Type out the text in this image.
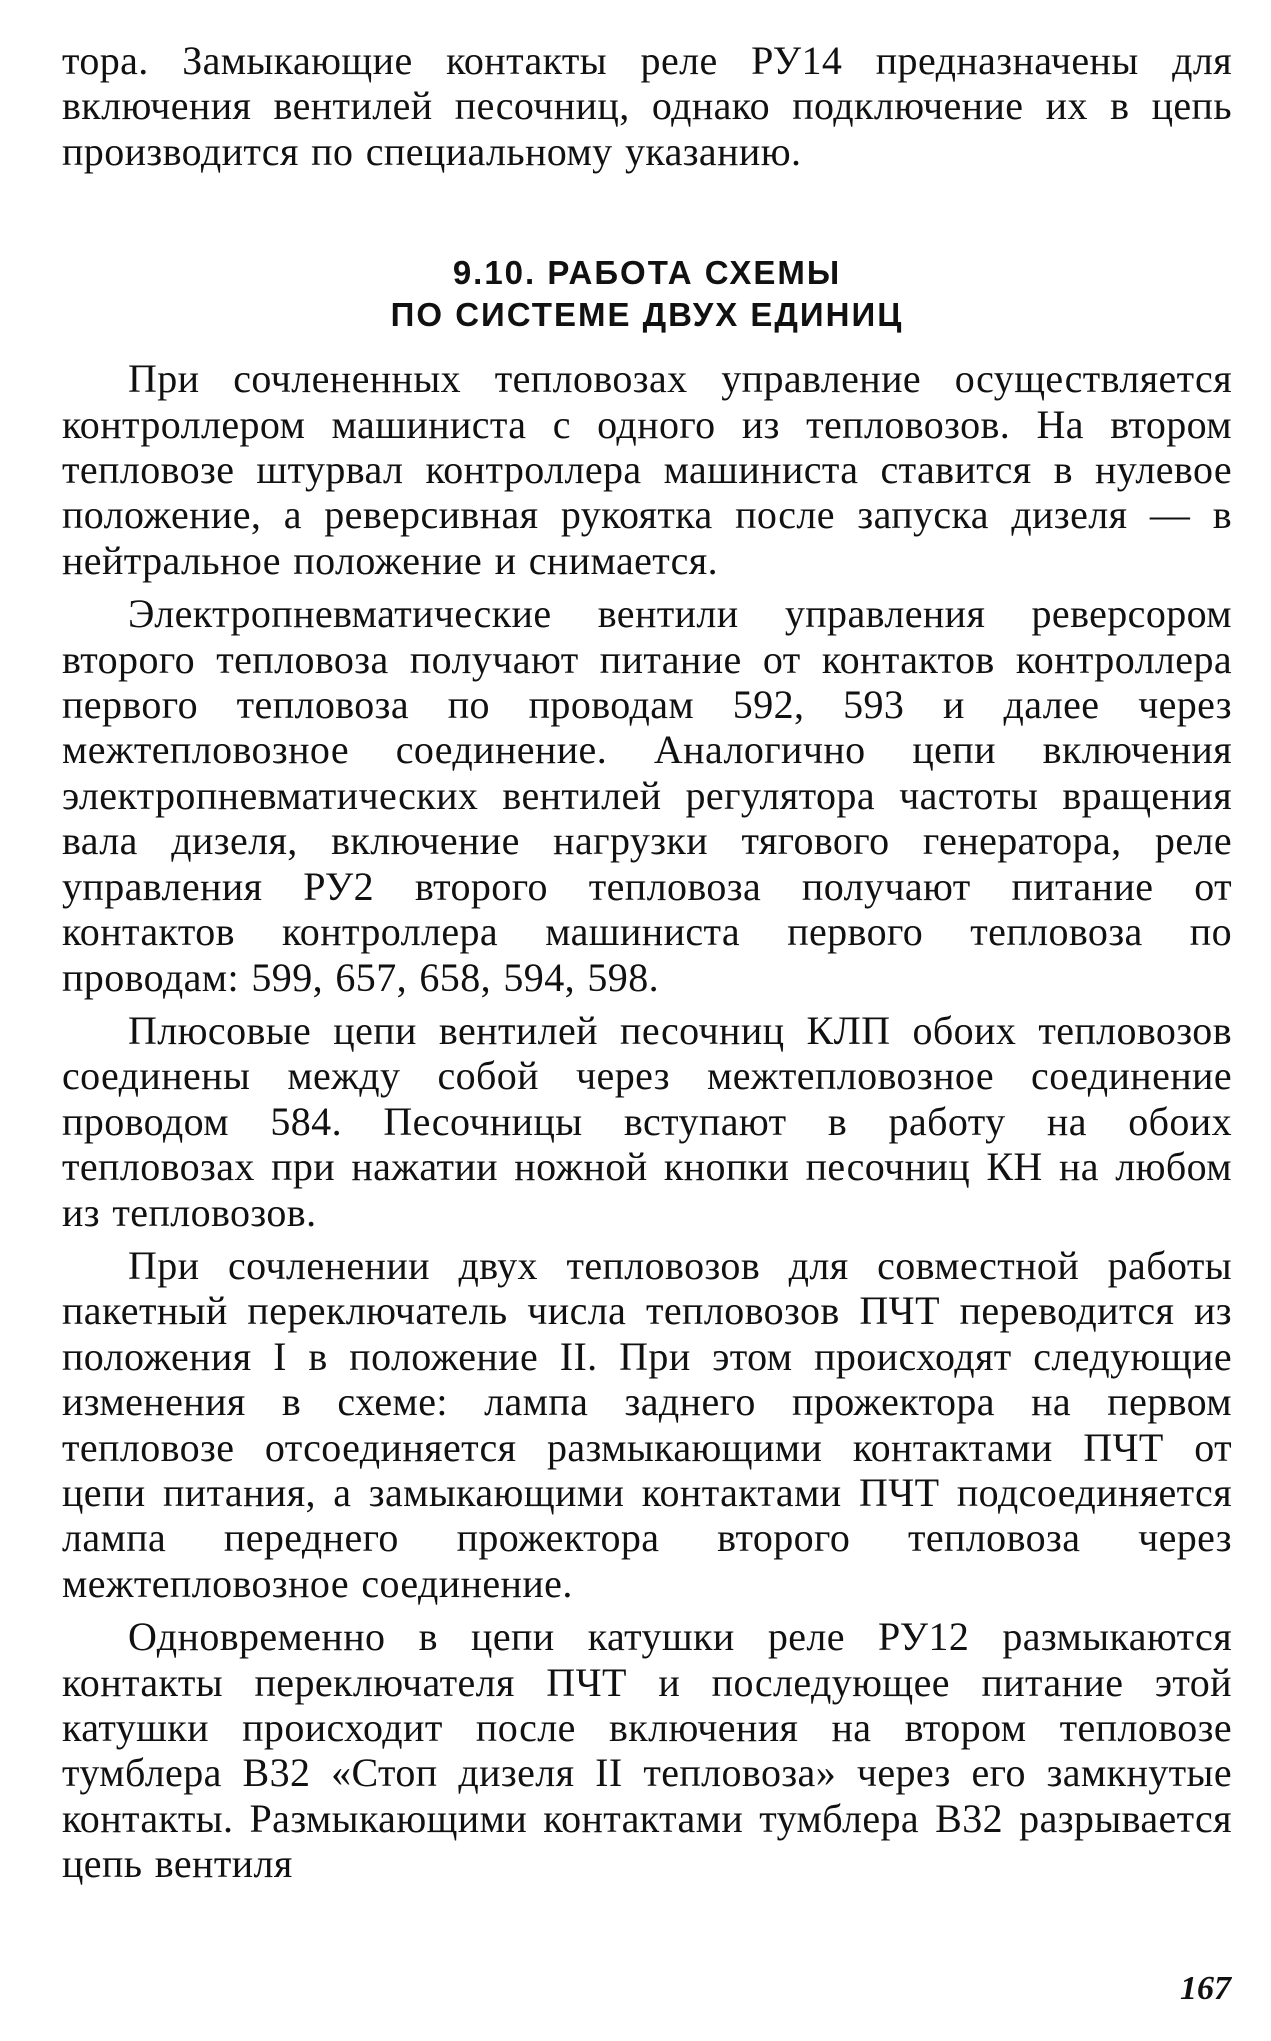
тора. Замыкающие контакты реле РУ14 предназначены для включения вентилей песочниц, однако подключение их в цепь производится по специальному указанию.

9.10. РАБОТА СХЕМЫ

ПО СИСТЕМЕ ДВУХ ЕДИНИЦ

При сочлененных тепловозах управление осуществляется контроллером машиниста с одного из тепловозов. На втором тепловозе штурвал контроллера машиниста ставится в нулевое положение, а реверсивная рукоятка после запуска дизеля — в нейтральное положение и снимается.

Электропневматические вентили управления реверсором второго тепловоза получают питание от контактов контроллера первого тепловоза по проводам 592, 593 и далее через межтепловозное соединение. Аналогично цепи включения электропневматических вентилей регулятора частоты вращения вала дизеля, включение нагрузки тягового генератора, реле управления РУ2 второго тепловоза получают питание от контактов контроллера машиниста первого тепловоза по проводам: 599, 657, 658, 594, 598.

Плюсовые цепи вентилей песочниц КЛП обоих тепловозов соединены между собой через межтепловозное соединение проводом 584. Песочницы вступают в работу на обоих тепловозах при нажатии ножной кнопки песочниц КН на любом из тепловозов.

При сочленении двух тепловозов для совместной работы пакетный переключатель числа тепловозов ПЧТ переводится из положения I в положение II. При этом происходят следующие изменения в схеме: лампа заднего прожектора на первом тепловозе отсоединяется размыкающими контактами ПЧТ от цепи питания, а замыкающими контактами ПЧТ подсоединяется лампа переднего прожектора второго тепловоза через межтепловозное соединение.

Одновременно в цепи катушки реле РУ12 размыкаются контакты переключателя ПЧТ и последующее питание этой катушки происходит после включения на втором тепловозе тумблера В32 «Стоп дизеля II тепловоза» через его замкнутые контакты. Размыкающими контактами тумблера В32 разрывается цепь вентиля

167
